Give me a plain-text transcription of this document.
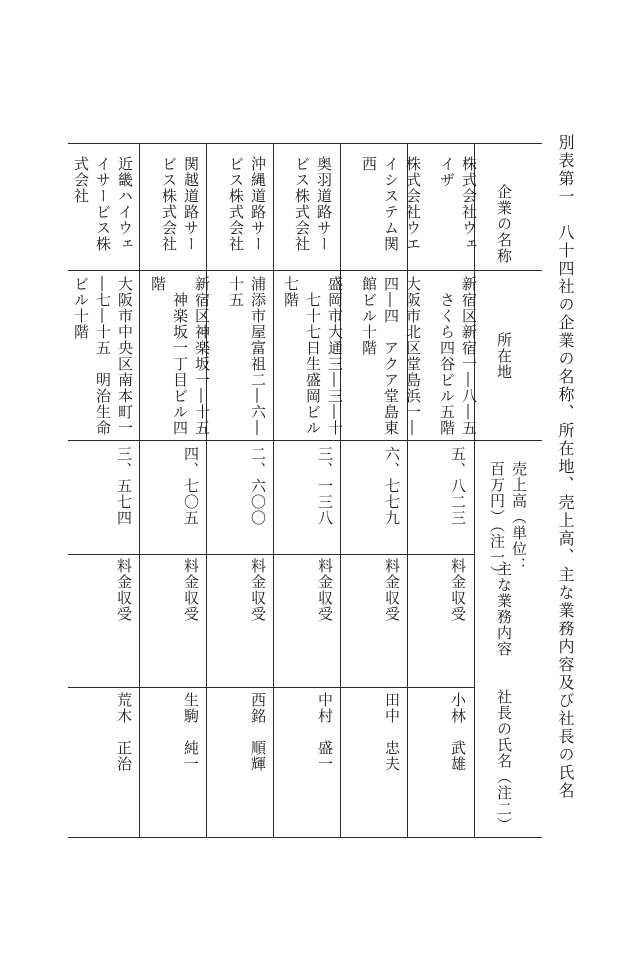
別表第一　八十四社の企業の名称、所在地、売上高、主な業務内容及び社長の氏名

企業の名称

所在地

売上高（単位：
百万円）（注一）

主な業務内容

社長の氏名（注二）

株式会社ウェ
イザ

新宿区新宿一―八―五
　さくら四谷ビル五階

五、八二三

料金収受

小林　武雄

株式会社ウエ
イシステム関
西

大阪市北区堂島浜一―
四―四　アクア堂島東
館ビル十階

六、七七九

料金収受

田中　忠夫

奥羽道路サー
ビス株式会社

盛岡市大通三―三―十
　七十七日生盛岡ビル
七階

三、一三八

料金収受

中村　盛一

沖縄道路サー
ビス株式会社

浦添市屋富祖二―六―
十五

二、六〇〇

料金収受

西銘　順輝

関越道路サー
ビス株式会社

新宿区神楽坂一―十五
　神楽坂一丁目ビル四
階

四、七〇五

料金収受

生駒　純一

近畿ハイウェ
イサービス株
式会社

大阪市中央区南本町一
―七―十五　明治生命
ビル十階

三、五七四

料金収受

荒木　正治
